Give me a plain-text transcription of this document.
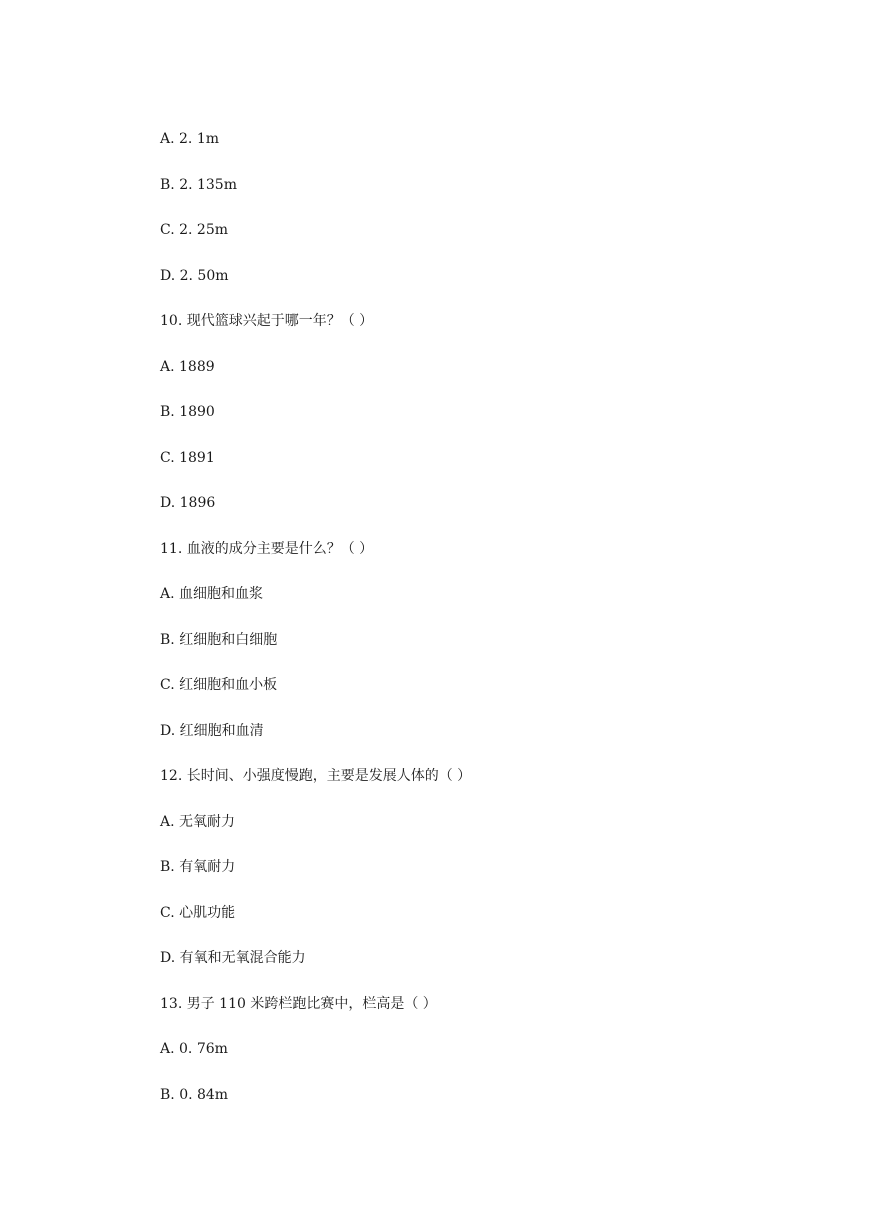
A. 2. 1m

B. 2. 135m

C. 2. 25m

D. 2. 50m

10. 现代篮球兴起于哪一年？（ ）

A. 1889

B. 1890

C. 1891

D. 1896

11. 血液的成分主要是什么？（ ）

A. 血细胞和血浆

B. 红细胞和白细胞

C. 红细胞和血小板

D. 红细胞和血清

12. 长时间、小强度慢跑，主要是发展人体的（ ）

A. 无氧耐力

B. 有氧耐力

C. 心肌功能

D. 有氧和无氧混合能力

13. 男子 110 米跨栏跑比赛中，栏高是（ ）

A. 0. 76m

B. 0. 84m
